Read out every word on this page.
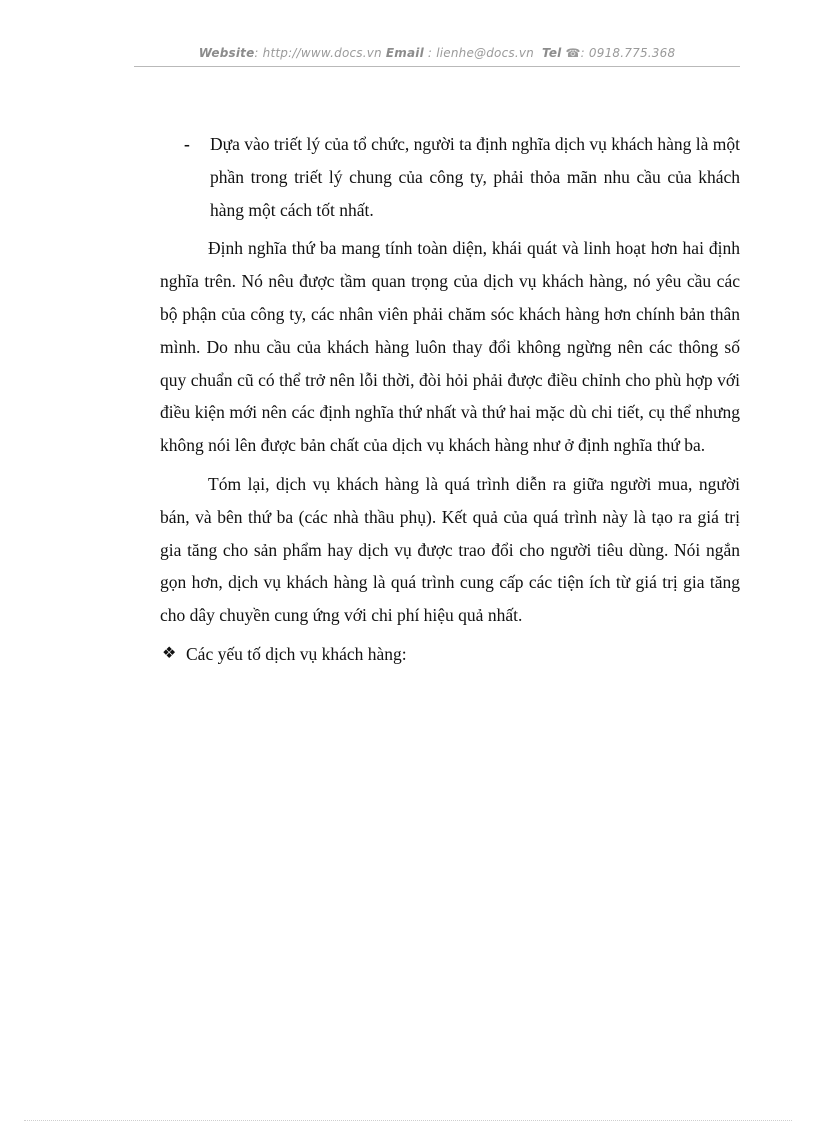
Website: http://www.docs.vn Email : lienhe@docs.vn Tel ☎: 0918.775.368

- Dựa vào triết lý của tổ chức, người ta định nghĩa dịch vụ khách hàng là một phần trong triết lý chung của công ty, phải thỏa mãn nhu cầu của khách hàng một cách tốt nhất.

Định nghĩa thứ ba mang tính toàn diện, khái quát và linh hoạt hơn hai định nghĩa trên. Nó nêu được tầm quan trọng của dịch vụ khách hàng, nó yêu cầu các bộ phận của công ty, các nhân viên phải chăm sóc khách hàng hơn chính bản thân mình. Do nhu cầu của khách hàng luôn thay đổi không ngừng nên các thông số quy chuẩn cũ có thể trở nên lỗi thời, đòi hỏi phải được điều chỉnh cho phù hợp với điều kiện mới nên các định nghĩa thứ nhất và thứ hai mặc dù chi tiết, cụ thể nhưng không nói lên được bản chất của dịch vụ khách hàng như ở định nghĩa thứ ba.

Tóm lại, dịch vụ khách hàng là quá trình diễn ra giữa người mua, người bán, và bên thứ ba (các nhà thầu phụ). Kết quả của quá trình này là tạo ra giá trị gia tăng cho sản phẩm hay dịch vụ được trao đổi cho người tiêu dùng. Nói ngắn gọn hơn, dịch vụ khách hàng là quá trình cung cấp các tiện ích từ giá trị gia tăng cho dây chuyền cung ứng với chi phí hiệu quả nhất.

❖ Các yếu tố dịch vụ khách hàng:
